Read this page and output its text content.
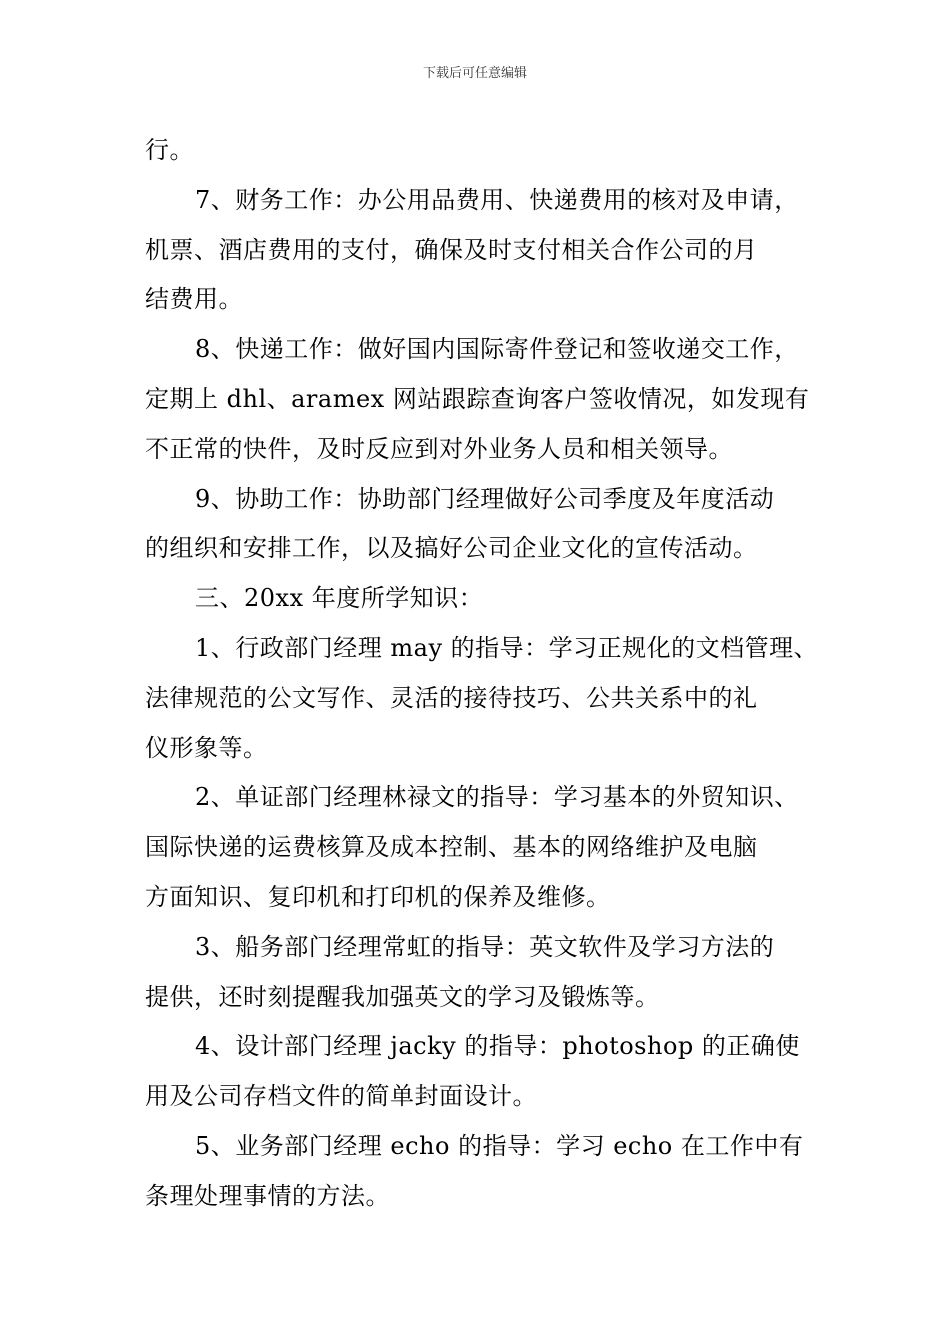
下载后可任意编辑
行。
7、财务工作：办公用品费用、快递费用的核对及申请，
机票、酒店费用的支付，确保及时支付相关合作公司的月
结费用。
8、快递工作：做好国内国际寄件登记和签收递交工作，
定期上 dhl、aramex 网站跟踪查询客户签收情况，如发现有
不正常的快件，及时反应到对外业务人员和相关领导。
9、协助工作：协助部门经理做好公司季度及年度活动
的组织和安排工作，以及搞好公司企业文化的宣传活动。
三、20xx 年度所学知识：
1、行政部门经理 may 的指导：学习正规化的文档管理、
法律规范的公文写作、灵活的接待技巧、公共关系中的礼
仪形象等。
2、单证部门经理林禄文的指导：学习基本的外贸知识、
国际快递的运费核算及成本控制、基本的网络维护及电脑
方面知识、复印机和打印机的保养及维修。
3、船务部门经理常虹的指导：英文软件及学习方法的
提供，还时刻提醒我加强英文的学习及锻炼等。
4、设计部门经理 jacky 的指导：photoshop 的正确使
用及公司存档文件的简单封面设计。
5、业务部门经理 echo 的指导：学习 echo 在工作中有
条理处理事情的方法。
